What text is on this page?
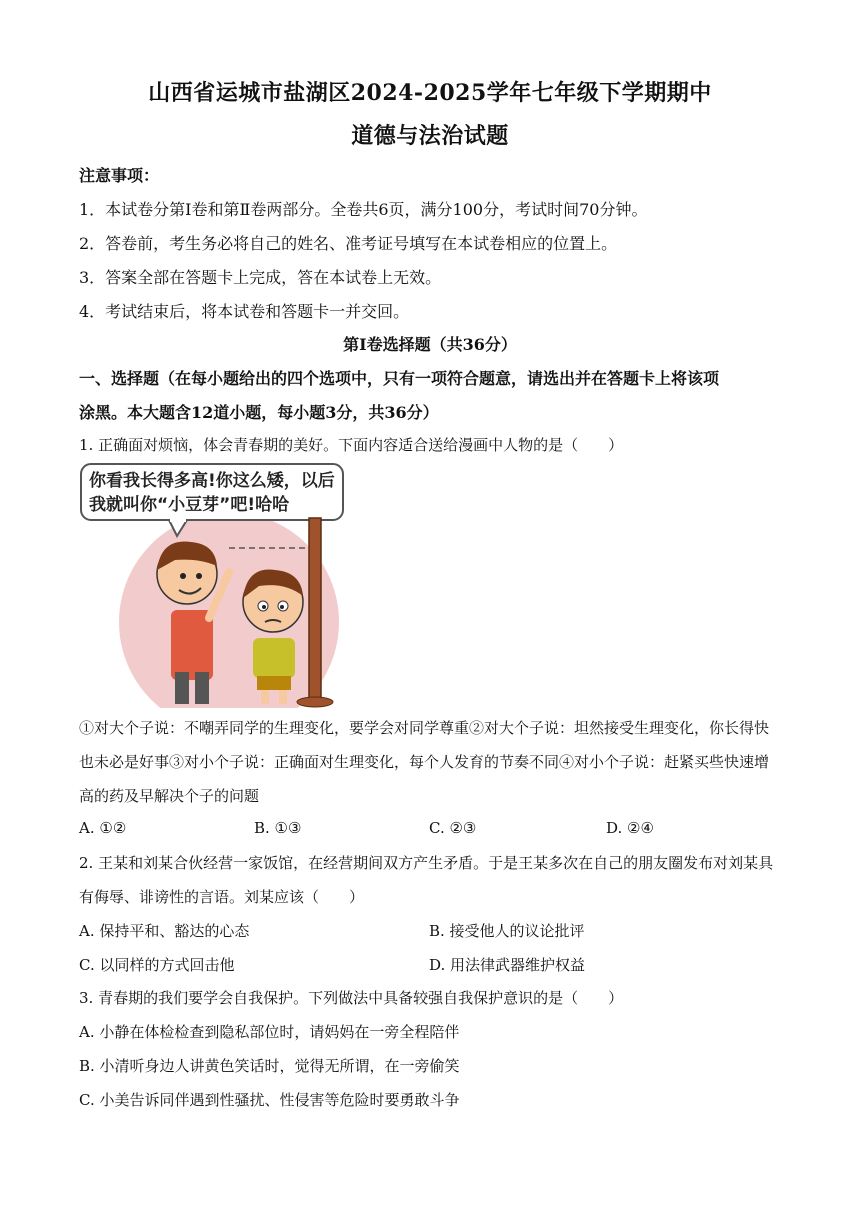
山西省运城市盐湖区2024-2025学年七年级下学期期中
道德与法治试题
注意事项：
1．本试卷分第Ⅰ卷和第Ⅱ卷两部分。全卷共6页，满分100分，考试时间70分钟。
2．答卷前，考生务必将自己的姓名、准考证号填写在本试卷相应的位置上。
3．答案全部在答题卡上完成，答在本试卷上无效。
4．考试结束后，将本试卷和答题卡一并交回。
第Ⅰ卷选择题（共36分）
一、选择题（在每小题给出的四个选项中，只有一项符合题意，请选出并在答题卡上将该项
涂黑。本大题含12道小题，每小题3分，共36分）
1. 正确面对烦恼，体会青春期的美好。下面内容适合送给漫画中人物的是（　　）
你看我长得多高!你这么矮，以后
我就叫你“小豆芽”吧!哈哈
①对大个子说：不嘲弄同学的生理变化，要学会对同学尊重②对大个子说：坦然接受生理变化，你长得快
也未必是好事③对小个子说：正确面对生理变化，每个人发育的节奏不同④对小个子说：赶紧买些快速增
高的药及早解决个子的问题
A. ①②	B. ①③	C. ②③	D. ②④
2. 王某和刘某合伙经营一家饭馆，在经营期间双方产生矛盾。于是王某多次在自己的朋友圈发布对刘某具
有侮辱、诽谤性的言语。刘某应该（　　）
A. 保持平和、豁达的心态	B. 接受他人的议论批评
C. 以同样的方式回击他	D. 用法律武器维护权益
3. 青春期的我们要学会自我保护。下列做法中具备较强自我保护意识的是（　　）
A. 小静在体检检查到隐私部位时，请妈妈在一旁全程陪伴
B. 小清听身边人讲黄色笑话时，觉得无所谓，在一旁偷笑
C. 小美告诉同伴遇到性骚扰、性侵害等危险时要勇敢斗争
